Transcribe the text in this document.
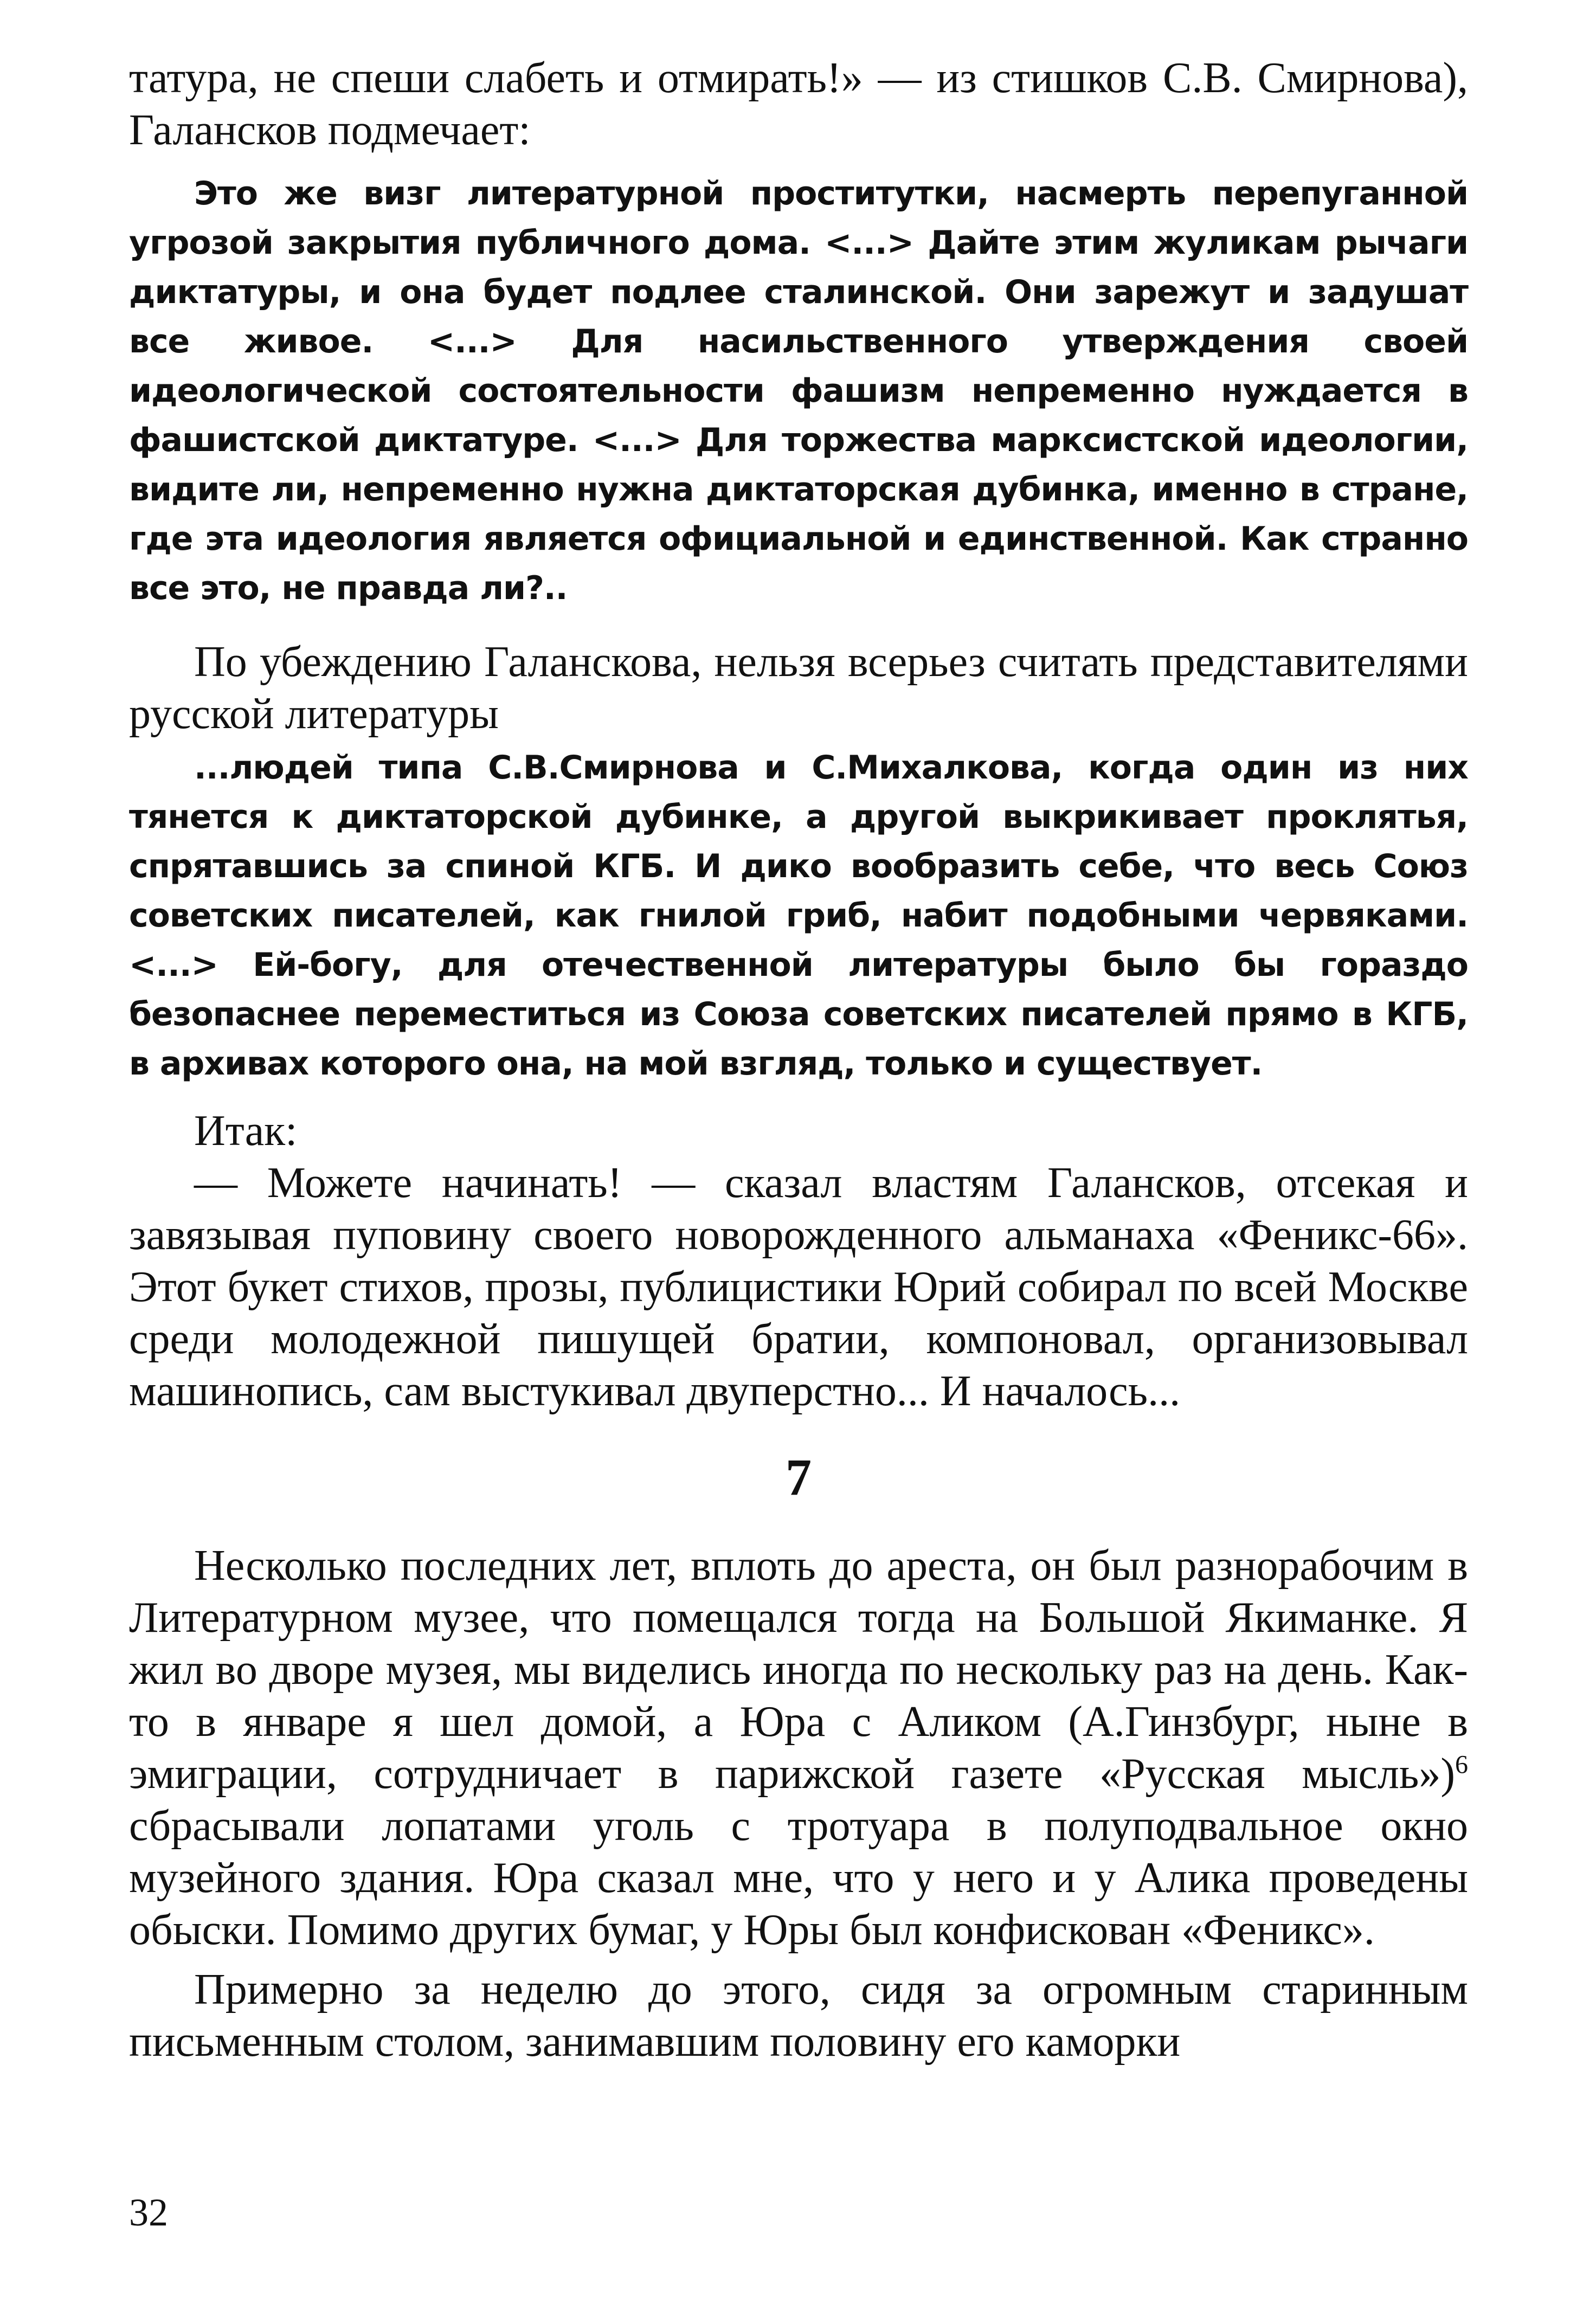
татура, не спеши слабеть и отмирать!» — из стишков С.В. Смирнова), Галансков подмечает:

Это же визг литературной проститутки, насмерть перепуганной угрозой закрытия публичного дома. <...> Дайте этим жуликам рычаги диктатуры, и она будет подлее сталинской. Они зарежут и задушат все живое. <...> Для насильственного утверждения своей идеологической состоятельности фашизм непременно нуждается в фашистской диктатуре. <...> Для торжества марксистской идеологии, видите ли, непременно нужна диктаторская дубинка, именно в стране, где эта идеология является официальной и единственной. Как странно все это, не правда ли?..

По убеждению Галанскова, нельзя всерьез считать представителями русской литературы

...людей типа С.В.Смирнова и С.Михалкова, когда один из них тянется к диктаторской дубинке, а другой выкрикивает проклятья, спрятавшись за спиной КГБ. И дико вообразить себе, что весь Союз советских писателей, как гнилой гриб, набит подобными червяками. <...> Ей-богу, для отечественной литературы было бы гораздо безопаснее переместиться из Союза советских писателей прямо в КГБ, в архивах которого она, на мой взгляд, только и существует.

Итак:

— Можете начинать! — сказал властям Галансков, отсекая и завязывая пуповину своего новорожденного альманаха «Феникс-66». Этот букет стихов, прозы, публицистики Юрий собирал по всей Москве среди молодежной пишущей братии, компоновал, организовывал машинопись, сам выстукивал двуперстно... И началось...

7

Несколько последних лет, вплоть до ареста, он был разнорабочим в Литературном музее, что помещался тогда на Большой Якиманке. Я жил во дворе музея, мы виделись иногда по нескольку раз на день. Как-то в январе я шел домой, а Юра с Аликом (А.Гинзбург, ныне в эмиграции, сотрудничает в парижской газете «Русская мысль»)$^6$ сбрасывали лопатами уголь с тротуара в полуподвальное окно музейного здания. Юра сказал мне, что у него и у Алика проведены обыски. Помимо других бумаг, у Юры был конфискован «Феникс».

Примерно за неделю до этого, сидя за огромным старинным письменным столом, занимавшим половину его каморки

32
